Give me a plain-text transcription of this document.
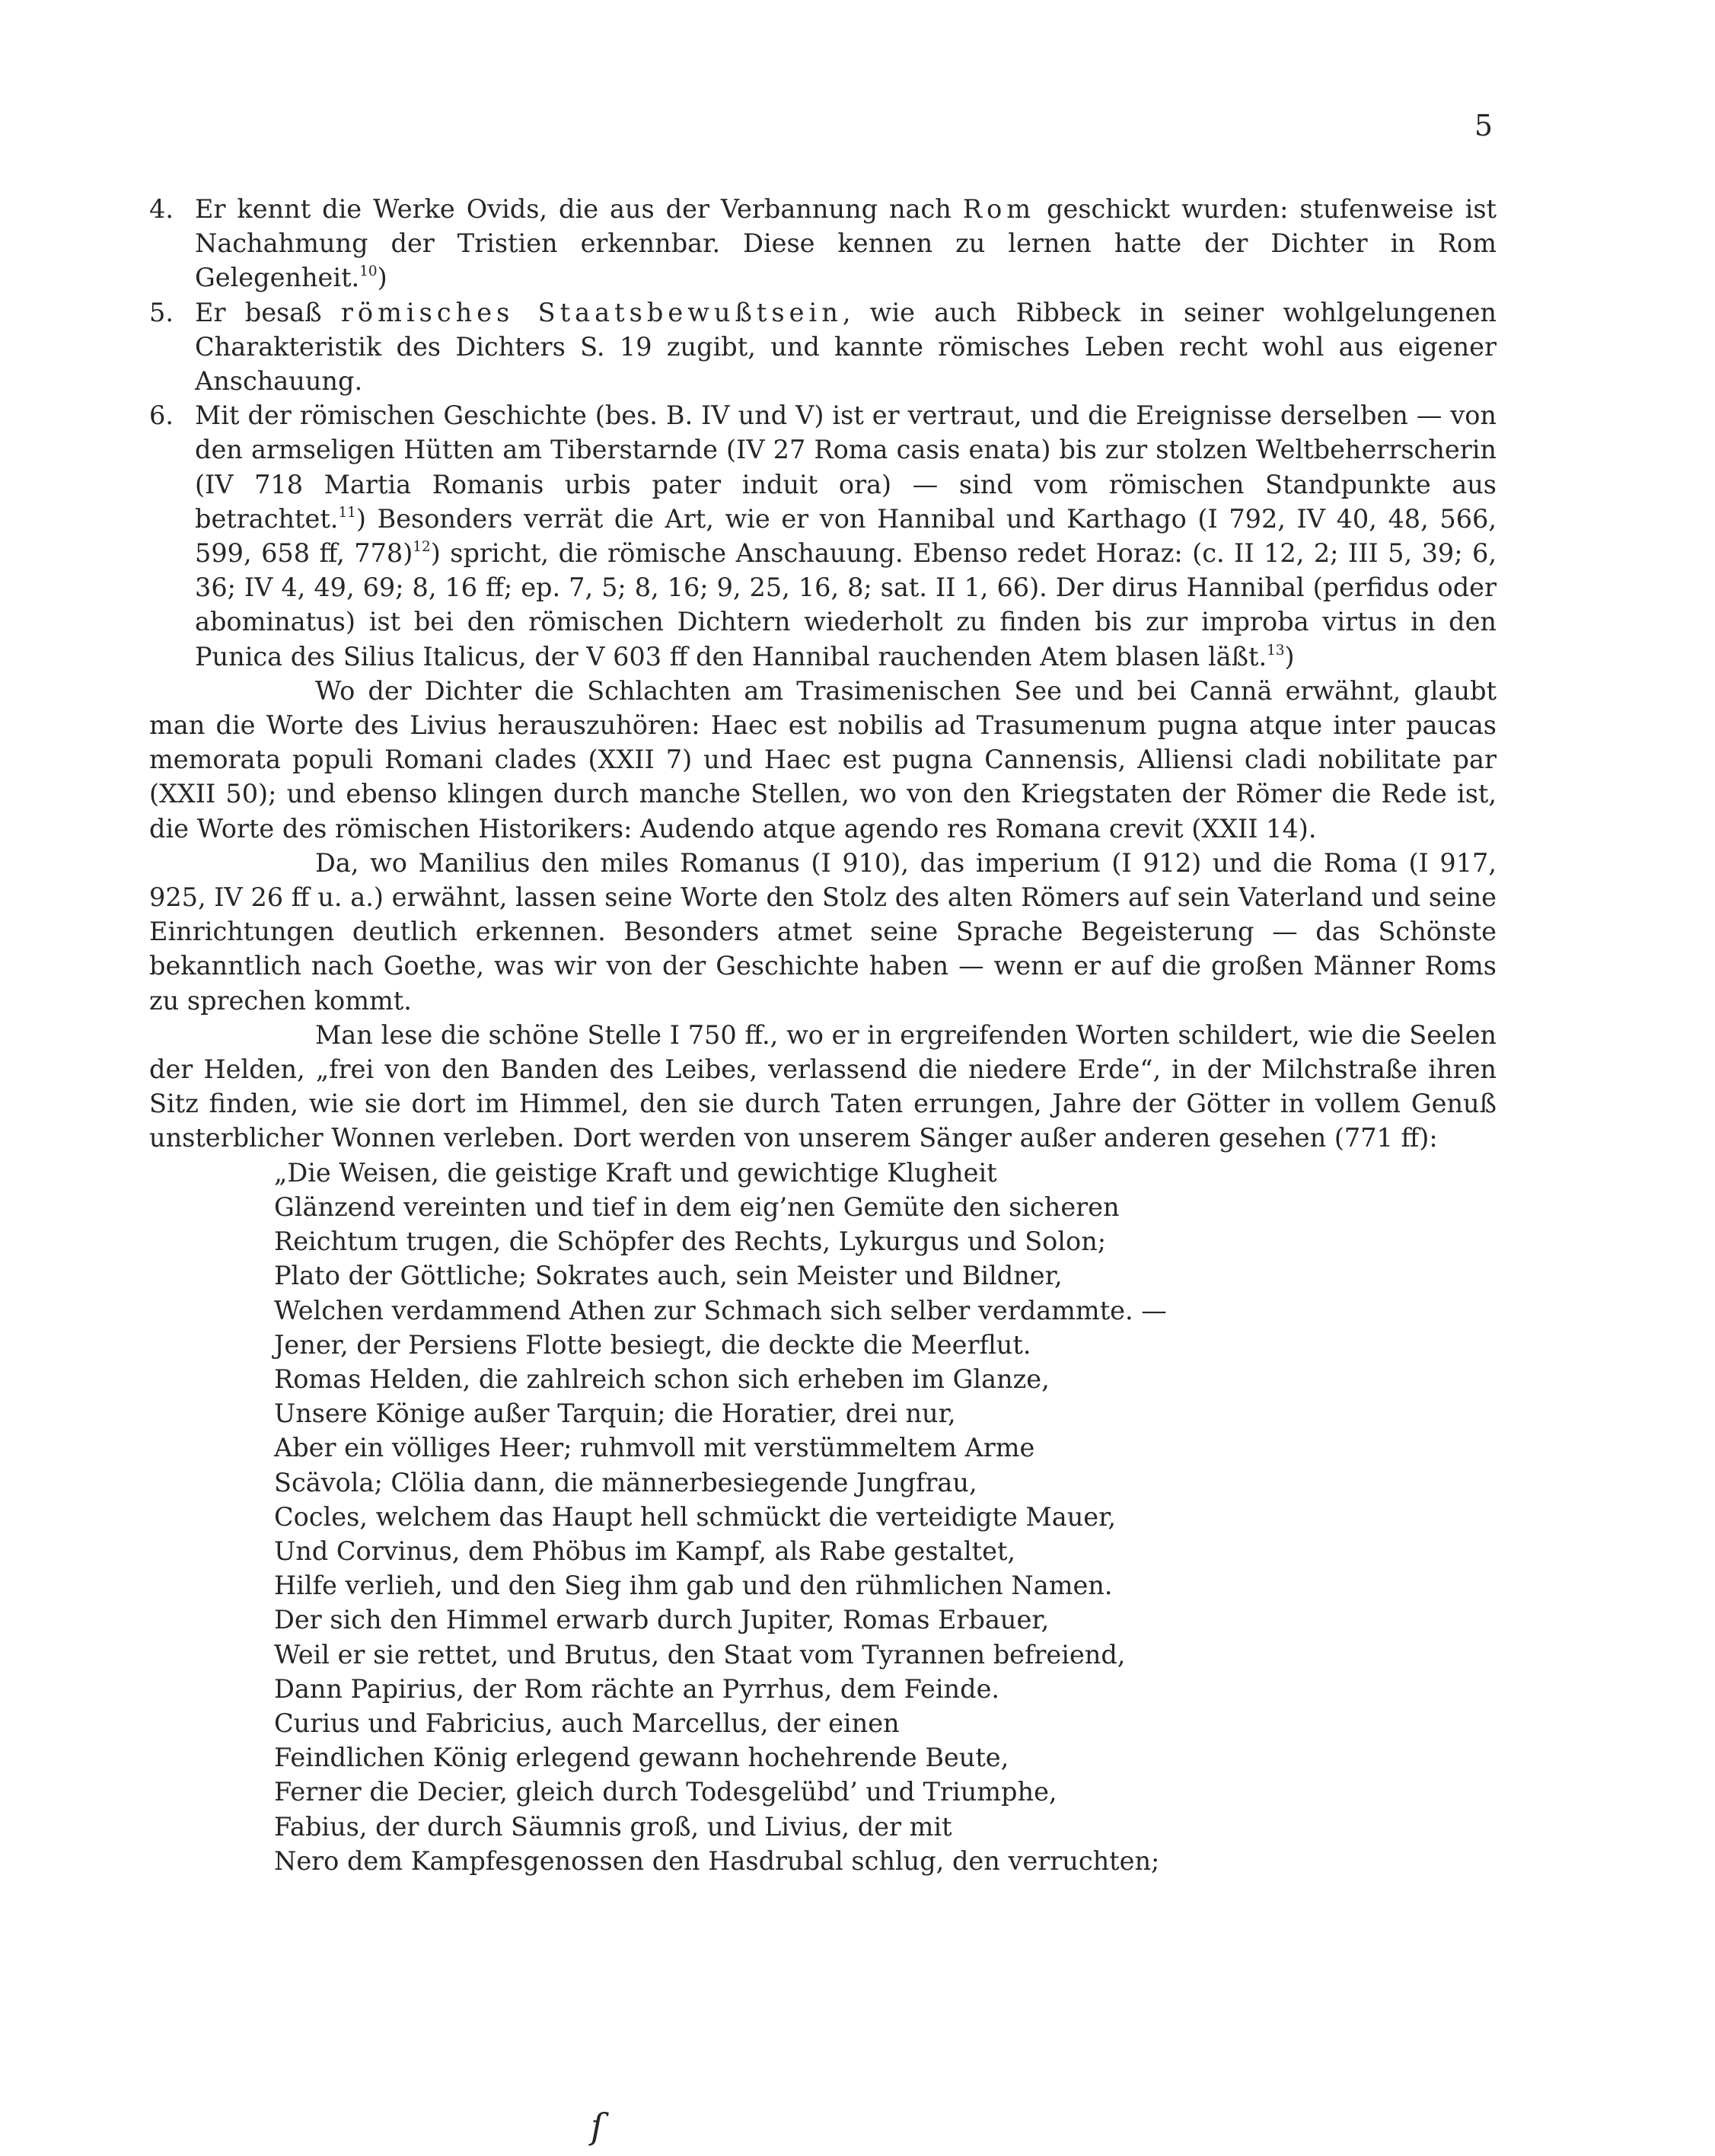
5

4. Er kennt die Werke Ovids, die aus der Verbannung nach Rom geschickt wurden: stufenweise ist Nachahmung der Tristien erkennbar. Diese kennen zu lernen hatte der Dichter in Rom Gelegenheit.$^{10}$)

5. Er besaß römisches Staatsbewußtsein, wie auch Ribbeck in seiner wohlgelungenen Charakteristik des Dichters S. 19 zugibt, und kannte römisches Leben recht wohl aus eigener Anschauung.

6. Mit der römischen Geschichte (bes. B. IV und V) ist er vertraut, und die Ereignisse derselben — von den armseligen Hütten am Tiberstarnde (IV 27 Roma casis enata) bis zur stolzen Weltbeherrscherin (IV 718 Martia Romanis urbis pater induit ora) — sind vom römischen Standpunkte aus betrachtet.$^{11}$) Besonders verrät die Art, wie er von Hannibal und Karthago (I 792, IV 40, 48, 566, 599, 658 ff, 778)$^{12}$) spricht, die römische Anschauung. Ebenso redet Horaz: (c. II 12, 2; III 5, 39; 6, 36; IV 4, 49, 69; 8, 16 ff; ep. 7, 5; 8, 16; 9, 25, 16, 8; sat. II 1, 66). Der dirus Hannibal (perfidus oder abominatus) ist bei den römischen Dichtern wiederholt zu finden bis zur improba virtus in den Punica des Silius Italicus, der V 603 ff den Hannibal rauchenden Atem blasen läßt.$^{13}$)

Wo der Dichter die Schlachten am Trasimenischen See und bei Cannä erwähnt, glaubt man die Worte des Livius herauszuhören: Haec est nobilis ad Trasumenum pugna atque inter paucas memorata populi Romani clades (XXII 7) und Haec est pugna Cannensis, Alliensi cladi nobilitate par (XXII 50); und ebenso klingen durch manche Stellen, wo von den Kriegstaten der Römer die Rede ist, die Worte des römischen Historikers: Audendo atque agendo res Romana crevit (XXII 14).

Da, wo Manilius den miles Romanus (I 910), das imperium (I 912) und die Roma (I 917, 925, IV 26 ff u. a.) erwähnt, lassen seine Worte den Stolz des alten Römers auf sein Vaterland und seine Einrichtungen deutlich erkennen. Besonders atmet seine Sprache Begeisterung — das Schönste bekanntlich nach Goethe, was wir von der Geschichte haben — wenn er auf die großen Männer Roms zu sprechen kommt.

Man lese die schöne Stelle I 750 ff., wo er in ergreifenden Worten schildert, wie die Seelen der Helden, „frei von den Banden des Leibes, verlassend die niedere Erde“, in der Milchstraße ihren Sitz finden, wie sie dort im Himmel, den sie durch Taten errungen, Jahre der Götter in vollem Genuß unsterblicher Wonnen verleben. Dort werden von unserem Sänger außer anderen gesehen (771 ff):

„Die Weisen, die geistige Kraft und gewichtige Klugheit
Glänzend vereinten und tief in dem eig’nen Gemüte den sicheren
Reichtum trugen, die Schöpfer des Rechts, Lykurgus und Solon;
Plato der Göttliche; Sokrates auch, sein Meister und Bildner,
Welchen verdammend Athen zur Schmach sich selber verdammte. —
Jener, der Persiens Flotte besiegt, die deckte die Meerflut.
Romas Helden, die zahlreich schon sich erheben im Glanze,
Unsere Könige außer Tarquin; die Horatier, drei nur,
Aber ein völliges Heer; ruhmvoll mit verstümmeltem Arme
Scävola; Clölia dann, die männerbesiegende Jungfrau,
Cocles, welchem das Haupt hell schmückt die verteidigte Mauer,
Und Corvinus, dem Phöbus im Kampf, als Rabe gestaltet,
Hilfe verlieh, und den Sieg ihm gab und den rühmlichen Namen.
Der sich den Himmel erwarb durch Jupiter, Romas Erbauer,
Weil er sie rettet, und Brutus, den Staat vom Tyrannen befreiend,
Dann Papirius, der Rom rächte an Pyrrhus, dem Feinde.
Curius und Fabricius, auch Marcellus, der einen
Feindlichen König erlegend gewann hochehrende Beute,
Ferner die Decier, gleich durch Todesgelübd’ und Triumphe,
Fabius, der durch Säumnis groß, und Livius, der mit
Nero dem Kampfesgenossen den Hasdrubal schlug, den verruchten;
ſ
